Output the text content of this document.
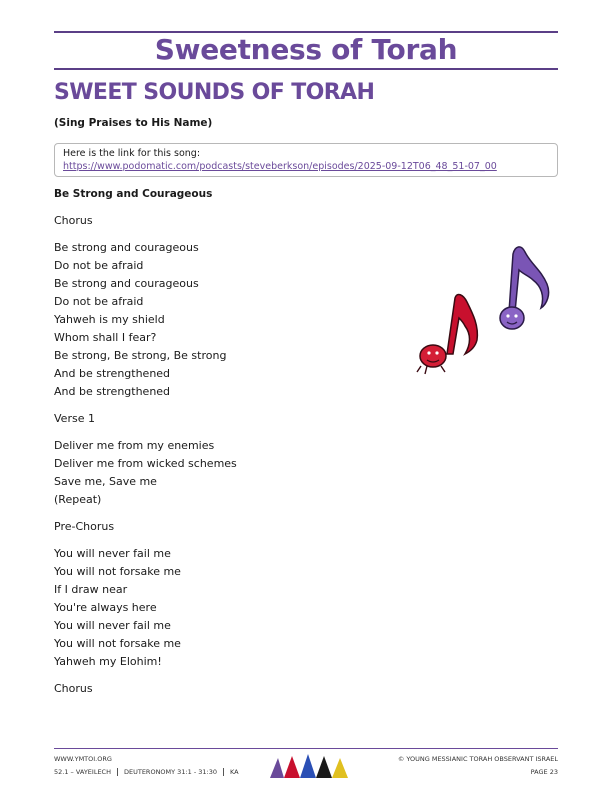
Sweetness of Torah
SWEET SOUNDS OF TORAH
(Sing Praises to His Name)
Here is the link for this song:
https://www.podomatic.com/podcasts/steveberkson/episodes/2025-09-12T06_48_51-07_00
Be Strong and Courageous
Chorus
Be strong and courageous
Do not be afraid
Be strong and courageous
Do not be afraid
Yahweh is my shield
Whom shall I fear?
Be strong, Be strong, Be strong
And be strengthened
And be strengthened
Verse 1
Deliver me from my enemies
Deliver me from wicked schemes
Save me, Save me
(Repeat)
Pre-Chorus
You will never fail me
You will not forsake me
If I draw near
You're always here
You will never fail me
You will not forsake me
Yahweh my Elohim!
Chorus
WWW.YMTOI.ORG
52.1 – VAYEILECH DEUTERONOMY 31:1 - 31:30 KA
© YOUNG MESSIANIC TORAH OBSERVANT ISRAEL
PAGE 23
